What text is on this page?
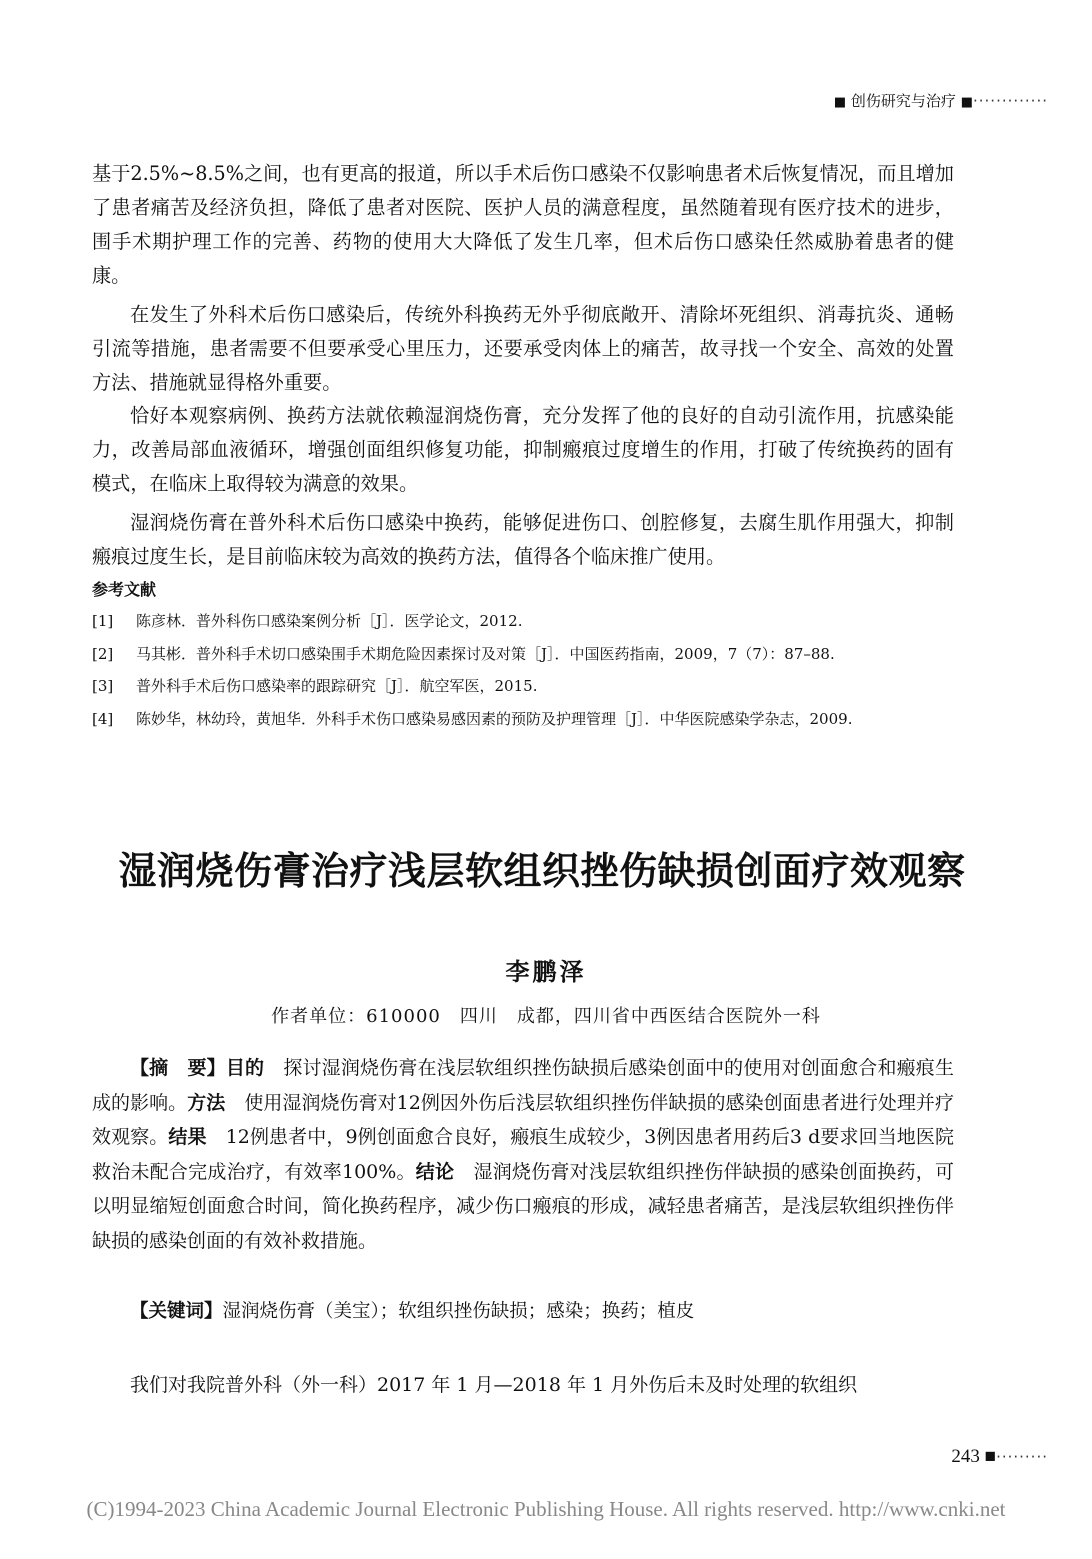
■ 创伤研究与治疗 ■·············

基于2.5%~8.5%之间，也有更高的报道，所以手术后伤口感染不仅影响患者术后恢复情况，而且增加了患者痛苦及经济负担，降低了患者对医院、医护人员的满意程度，虽然随着现有医疗技术的进步，围手术期护理工作的完善、药物的使用大大降低了发生几率，但术后伤口感染任然威胁着患者的健康。

在发生了外科术后伤口感染后，传统外科换药无外乎彻底敞开、清除坏死组织、消毒抗炎、通畅引流等措施，患者需要不但要承受心里压力，还要承受肉体上的痛苦，故寻找一个安全、高效的处置方法、措施就显得格外重要。

恰好本观察病例、换药方法就依赖湿润烧伤膏，充分发挥了他的良好的自动引流作用，抗感染能力，改善局部血液循环，增强创面组织修复功能，抑制瘢痕过度增生的作用，打破了传统换药的固有模式，在临床上取得较为满意的效果。

湿润烧伤膏在普外科术后伤口感染中换药，能够促进伤口、创腔修复，去腐生肌作用强大，抑制瘢痕过度生长，是目前临床较为高效的换药方法，值得各个临床推广使用。

参考文献
[1] 陈彦林．普外科伤口感染案例分析［J］．医学论文，2012.
[2] 马其彬．普外科手术切口感染围手术期危险因素探讨及对策［J］．中国医药指南，2009，7（7）：87–88.
[3] 普外科手术后伤口感染率的跟踪研究［J］．航空军医，2015.
[4] 陈妙华，林幼玲，黄旭华．外科手术伤口感染易感因素的预防及护理管理［J］．中华医院感染学杂志，2009.
湿润烧伤膏治疗浅层软组织挫伤缺损创面疗效观察
李鹏泽
作者单位：610000　四川　成都，四川省中西医结合医院外一科

【摘　要】目的　探讨湿润烧伤膏在浅层软组织挫伤缺损后感染创面中的使用对创面愈合和瘢痕生成的影响。方法　使用湿润烧伤膏对12例因外伤后浅层软组织挫伤伴缺损的感染创面患者进行处理并疗效观察。结果　12例患者中，9例创面愈合良好，瘢痕生成较少，3例因患者用药后3 d要求回当地医院救治未配合完成治疗，有效率100%。结论　湿润烧伤膏对浅层软组织挫伤伴缺损的感染创面换药，可以明显缩短创面愈合时间，简化换药程序，减少伤口瘢痕的形成，减轻患者痛苦，是浅层软组织挫伤伴缺损的感染创面的有效补救措施。

【关键词】湿润烧伤膏（美宝）；软组织挫伤缺损；感染；换药；植皮
我们对我院普外科（外一科）2017 年 1 月—2018 年 1 月外伤后未及时处理的软组织
243 ■·········
(C)1994-2023 China Academic Journal Electronic Publishing House. All rights reserved. http://www.cnki.net
